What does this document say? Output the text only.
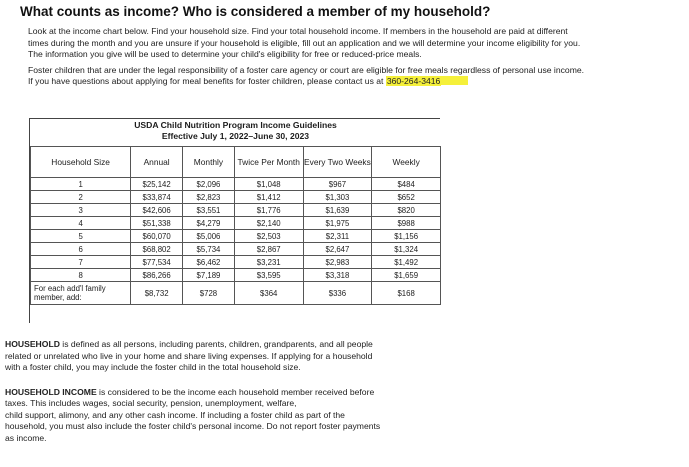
What counts as income? Who is considered a member of my household?

Look at the income chart below. Find your household size. Find your total household income. If members in the household are paid at different

times during the month and you are unsure if your household is eligible, fill out an application and we will determine your income eligibility for you.

The information you give will be used to determine your child's eligibility for free or reduced-price meals.

Foster children that are under the legal responsibility of a foster care agency or court are eligible for free meals regardless of personal use income.

If you have questions about applying for meal benefits for foster children, please contact us at 360-264-3416

USDA Child Nutrition Program Income Guidelines
Effective July 1, 2022–June 30, 2023
Household Size	Annual	Monthly	Twice Per Month	Every Two Weeks	Weekly
1	$25,142	$2,096	$1,048	$967	$484
2	$33,874	$2,823	$1,412	$1,303	$652
3	$42,606	$3,551	$1,776	$1,639	$820
4	$51,338	$4,279	$2,140	$1,975	$988
5	$60,070	$5,006	$2,503	$2,311	$1,156
6	$68,802	$5,734	$2,867	$2,647	$1,324
7	$77,534	$6,462	$3,231	$2,983	$1,492
8	$86,266	$7,189	$3,595	$3,318	$1,659
For each add'l family member, add:	$8,732	$728	$364	$336	$168

HOUSEHOLD is defined as all persons, including parents, children, grandparents, and all people

related or unrelated who live in your home and share living expenses. If applying for a household

with a foster child, you may include the foster child in the total household size.

HOUSEHOLD INCOME is considered to be the income each household member received before

taxes. This includes wages, social security, pension, unemployment, welfare,

child support, alimony, and any other cash income. If including a foster child as part of the

household, you must also include the foster child's personal income. Do not report foster payments

as income.
